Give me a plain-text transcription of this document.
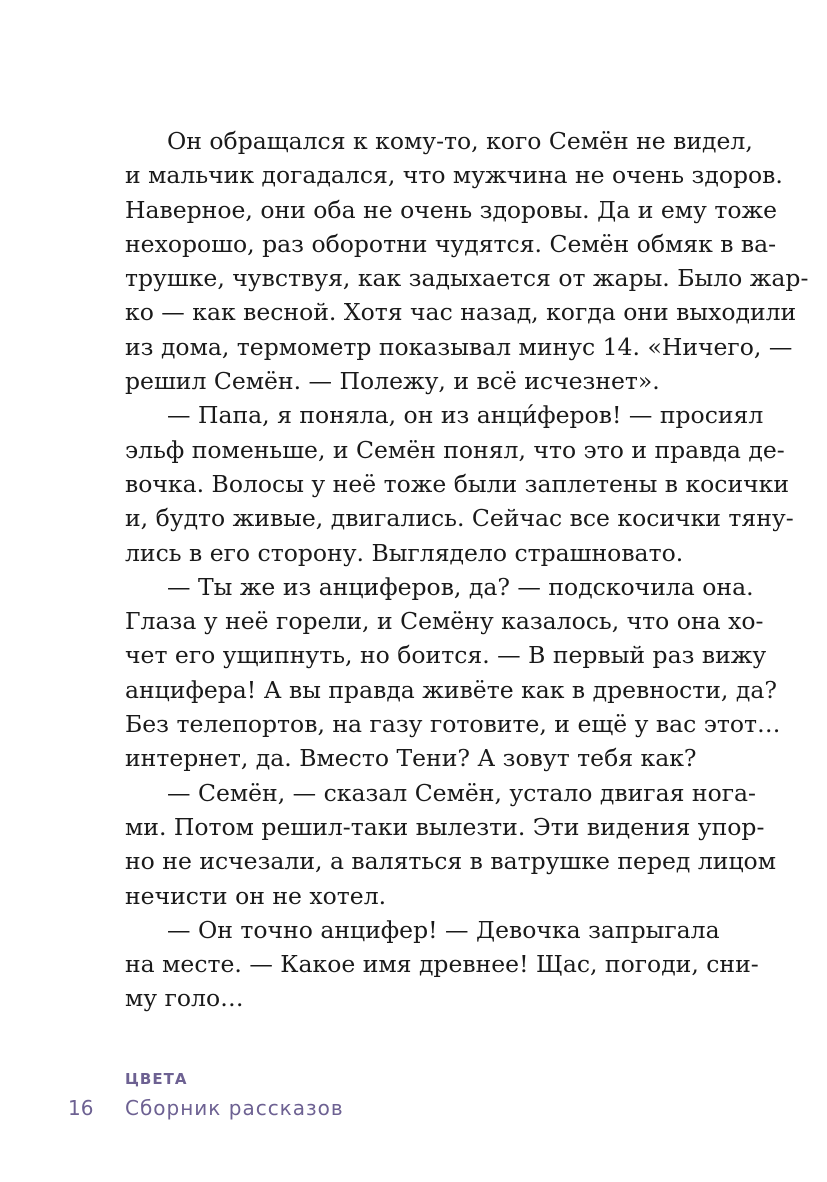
Он обращался к кому-то, кого Семён не видел,
и мальчик догадался, что мужчина не очень здоров.
Наверное, они оба не очень здоровы. Да и ему тоже
нехорошо, раз оборотни чудятся. Семён обмяк в ва-
трушке, чувствуя, как задыхается от жары. Было жар-
ко — как весной. Хотя час назад, когда они выходили
из дома, термометр показывал минус 14. «Ничего, —
решил Семён. — Полежу, и всё исчезнет».
— Папа, я поняла, он из анци́феров! — просиял
эльф поменьше, и Семён понял, что это и правда де-
вочка. Волосы у неё тоже были заплетены в косички
и, будто живые, двигались. Сейчас все косички тяну-
лись в его сторону. Выглядело страшновато.
— Ты же из анциферов, да? — подскочила она.
Глаза у неё горели, и Семёну казалось, что она хо-
чет его ущипнуть, но боится. — В первый раз вижу
анцифера! А вы правда живёте как в древности, да?
Без телепортов, на газу готовите, и ещё у вас этот…
интернет, да. Вместо Тени? А зовут тебя как?
— Семён, — сказал Семён, устало двигая нога-
ми. Потом решил-таки вылезти. Эти видения упор-
но не исчезали, а валяться в ватрушке перед лицом
нечисти он не хотел.
— Он точно анцифер! — Девочка запрыгала
на месте. — Какое имя древнее! Щас, погоди, сни-
му голо…
ЦВЕТА
16 Сборник рассказов
